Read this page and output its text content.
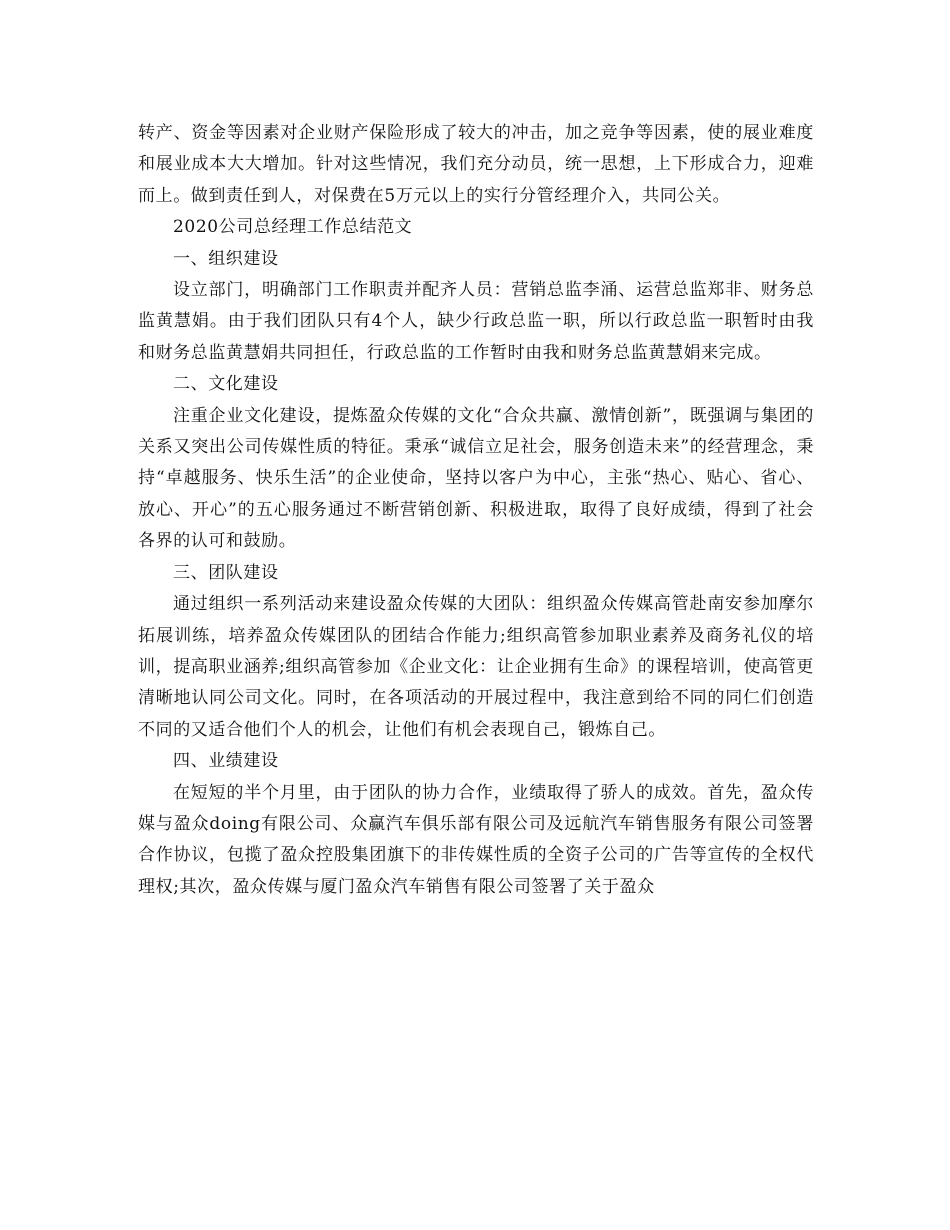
转产、资金等因素对企业财产保险形成了较大的冲击，加之竞争等因素，使的展业难度和展业成本大大增加。针对这些情况，我们充分动员，统一思想，上下形成合力，迎难而上。做到责任到人，对保费在5万元以上的实行分管经理介入，共同公关。

2020公司总经理工作总结范文

一、组织建设

设立部门，明确部门工作职责并配齐人员：营销总监李涌、运营总监郑非、财务总监黄慧娟。由于我们团队只有4个人，缺少行政总监一职，所以行政总监一职暂时由我和财务总监黄慧娟共同担任，行政总监的工作暂时由我和财务总监黄慧娟来完成。

二、文化建设

注重企业文化建设，提炼盈众传媒的文化“合众共赢、激情创新”，既强调与集团的关系又突出公司传媒性质的特征。秉承“诚信立足社会，服务创造未来”的经营理念，秉持“卓越服务、快乐生活”的企业使命，坚持以客户为中心，主张“热心、贴心、省心、放心、开心”的五心服务通过不断营销创新、积极进取，取得了良好成绩，得到了社会各界的认可和鼓励。

三、团队建设

通过组织一系列活动来建设盈众传媒的大团队：组织盈众传媒高管赴南安参加摩尔拓展训练，培养盈众传媒团队的团结合作能力;组织高管参加职业素养及商务礼仪的培训，提高职业涵养;组织高管参加《企业文化：让企业拥有生命》的课程培训，使高管更清晰地认同公司文化。同时，在各项活动的开展过程中，我注意到给不同的同仁们创造不同的又适合他们个人的机会，让他们有机会表现自己，锻炼自己。

四、业绩建设

在短短的半个月里，由于团队的协力合作，业绩取得了骄人的成效。首先，盈众传媒与盈众doing有限公司、众赢汽车俱乐部有限公司及远航汽车销售服务有限公司签署合作协议，包揽了盈众控股集团旗下的非传媒性质的全资子公司的广告等宣传的全权代理权;其次，盈众传媒与厦门盈众汽车销售有限公司签署了关于盈众
